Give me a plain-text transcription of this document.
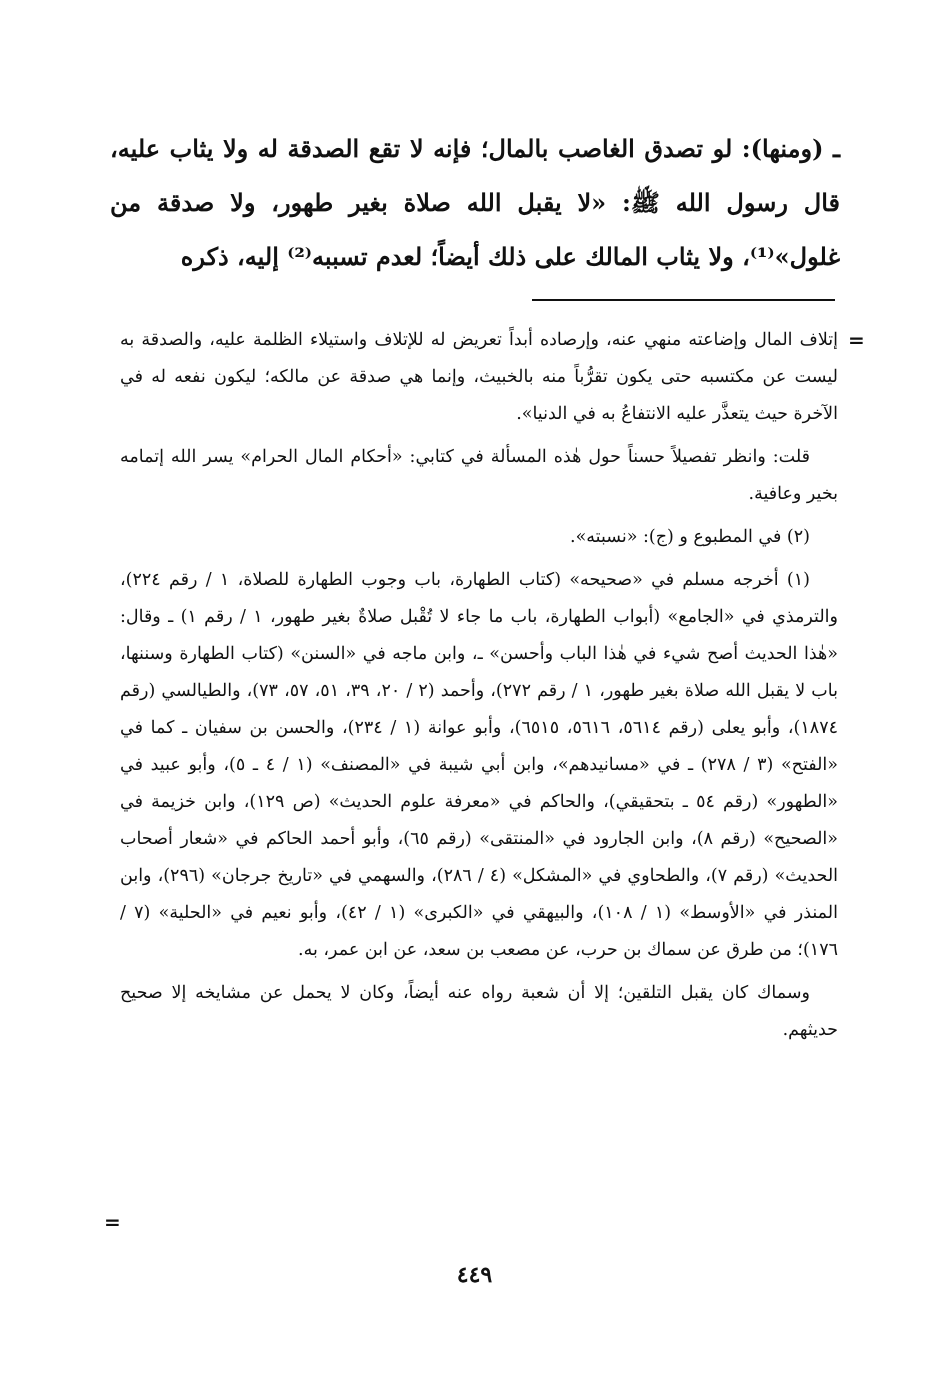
ـ (ومنها): لو تصدق الغاصب بالمال؛ فإنه لا تقع الصدقة له ولا يثاب عليه، قال رسول الله ﷺ: «لا يقبل الله صلاة بغير طهور، ولا صدقة من غلول»⁽¹⁾، ولا يثاب المالك على ذلك أيضاً؛ لعدم تسببه⁽²⁾ إليه، ذكره

=

إتلاف المال وإضاعته منهي عنه، وإرصاده أبداً تعريض له للإتلاف واستيلاء الظلمة عليه، والصدقة به ليست عن مكتسبه حتى يكون تقرُّباً منه بالخبيث، وإنما هي صدقة عن مالكه؛ ليكون نفعه له في الآخرة حيث يتعذَّر عليه الانتفاعُ به في الدنيا».

قلت: وانظر تفصيلاً حسناً حول هٰذه المسألة في كتابي: «أحكام المال الحرام» يسر الله إتمامه بخير وعافية.

(٢) في المطبوع و (ج): «نسبته».

(١) أخرجه مسلم في «صحيحه» (كتاب الطهارة، باب وجوب الطهارة للصلاة، ١ / رقم ٢٢٤)، والترمذي في «الجامع» (أبواب الطهارة، باب ما جاء لا تُقْبل صلاةٌ بغير طهور، ١ / رقم ١) ـ وقال: «هٰذا الحديث أصح شيء في هٰذا الباب وأحسن» ـ، وابن ماجه في «السنن» (كتاب الطهارة وسننها، باب لا يقبل الله صلاة بغير طهور، ١ / رقم ٢٧٢)، وأحمد (٢ / ٢٠، ٣٩، ٥١، ٥٧، ٧٣)، والطيالسي (رقم ١٨٧٤)، وأبو يعلى (رقم ٥٦١٤، ٥٦١٦، ٦٥١٥)، وأبو عوانة (١ / ٢٣٤)، والحسن بن سفيان ـ كما في «الفتح» (٣ / ٢٧٨) ـ في «مسانيدهم»، وابن أبي شيبة في «المصنف» (١ / ٤ ـ ٥)، وأبو عبيد في «الطهور» (رقم ٥٤ ـ بتحقيقي)، والحاكم في «معرفة علوم الحديث» (ص ١٢٩)، وابن خزيمة في «الصحيح» (رقم ٨)، وابن الجارود في «المنتقى» (رقم ٦٥)، وأبو أحمد الحاكم في «شعار أصحاب الحديث» (رقم ٧)، والطحاوي في «المشكل» (٤ / ٢٨٦)، والسهمي في «تاريخ جرجان» (٢٩٦)، وابن المنذر في «الأوسط» (١ / ١٠٨)، والبيهقي في «الكبرى» (١ / ٤٢)، وأبو نعيم في «الحلية» (٧ / ١٧٦)؛ من طرق عن سماك بن حرب، عن مصعب بن سعد، عن ابن عمر، به.

وسماك كان يقبل التلقين؛ إلا أن شعبة رواه عنه أيضاً، وكان لا يحمل عن مشايخه إلا صحيح حديثهم.

=
٤٤٩
